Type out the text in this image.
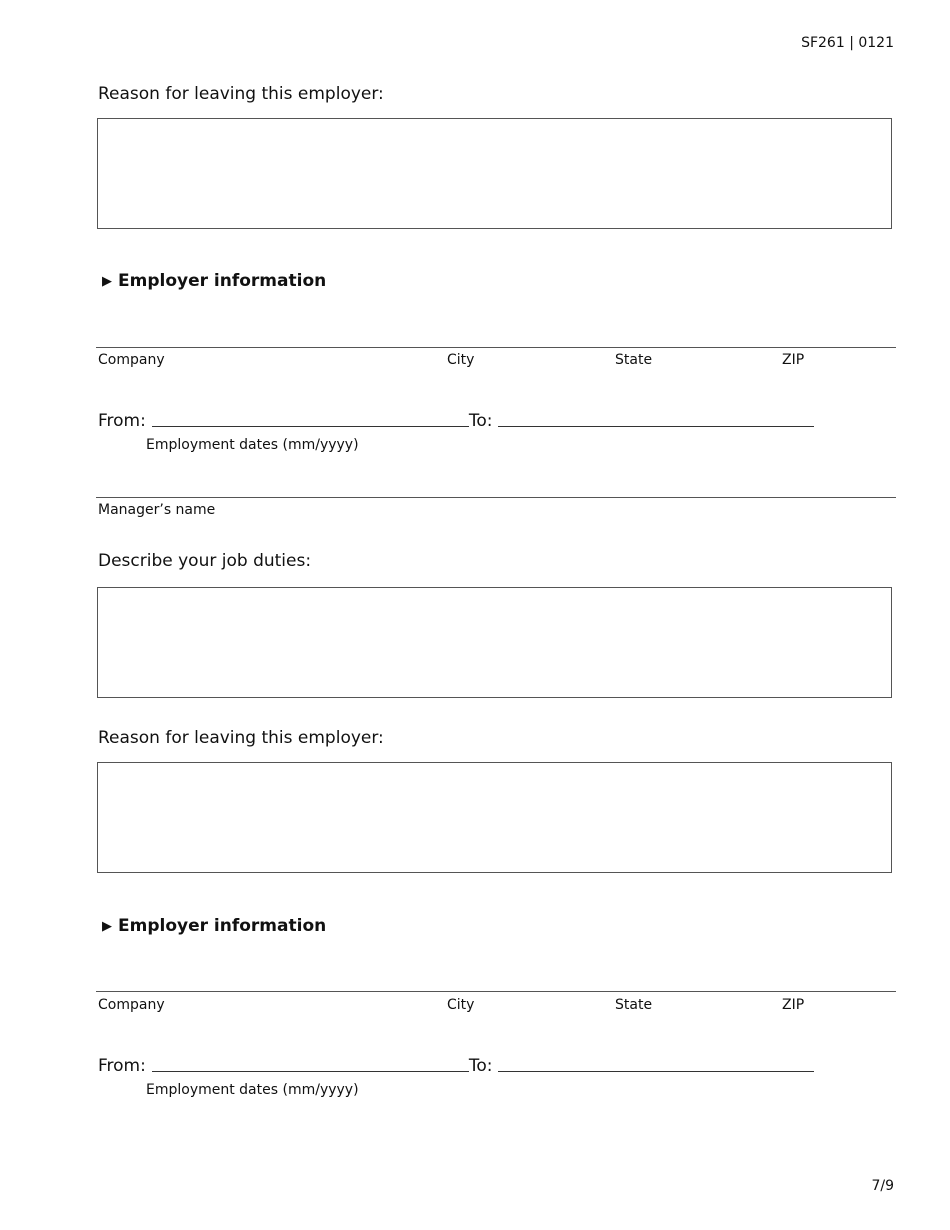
SF261 | 0121
Reason for leaving this employer:
▶ Employer information
Company	City	State	ZIP
From:	To:
Employment dates (mm/yyyy)
Manager’s name
Describe your job duties:
Reason for leaving this employer:
▶ Employer information
Company	City	State	ZIP
From:	To:
Employment dates (mm/yyyy)
7/9
